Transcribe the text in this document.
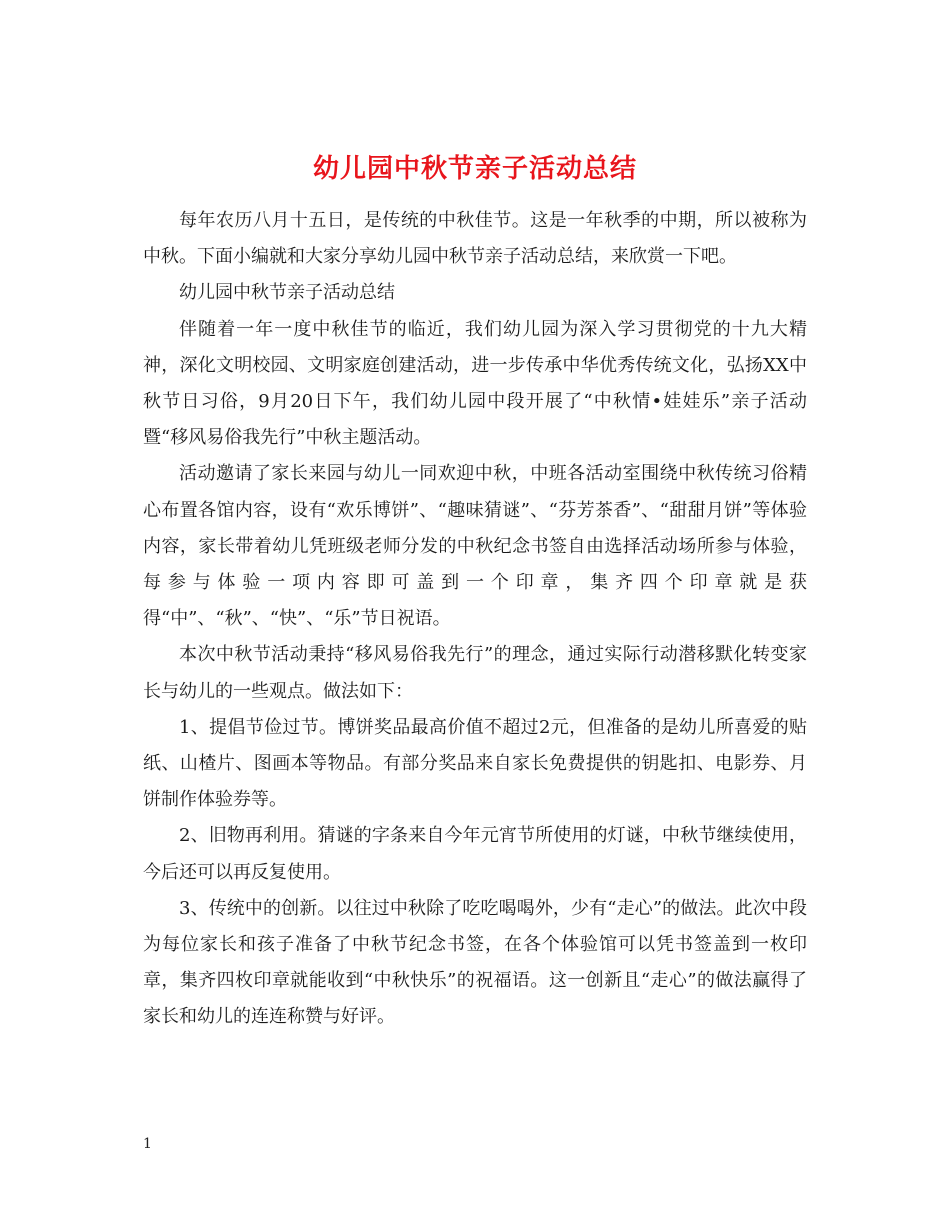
幼儿园中秋节亲子活动总结

每年农历八月十五日，是传统的中秋佳节。这是一年秋季的中期，所以被称为中秋。下面小编就和大家分享幼儿园中秋节亲子活动总结，来欣赏一下吧。

幼儿园中秋节亲子活动总结

伴随着一年一度中秋佳节的临近，我们幼儿园为深入学习贯彻党的十九大精神，深化文明校园、文明家庭创建活动，进一步传承中华优秀传统文化，弘扬XX中秋节日习俗，9月20日下午，我们幼儿园中段开展了“中秋情•娃娃乐”亲子活动暨“移风易俗我先行”中秋主题活动。

活动邀请了家长来园与幼儿一同欢迎中秋，中班各活动室围绕中秋传统习俗精心布置各馆内容，设有“欢乐博饼”、“趣味猜谜”、“芬芳茶香”、“甜甜月饼”等体验内容，家长带着幼儿凭班级老师分发的中秋纪念书签自由选择活动场所参与体验，每参与体验一项内容即可盖到一个印章，集齐四个印章就是获得“中”、“秋”、“快”、“乐”节日祝语。

本次中秋节活动秉持“移风易俗我先行”的理念，通过实际行动潜移默化转变家长与幼儿的一些观点。做法如下：

1、提倡节俭过节。博饼奖品最高价值不超过2元，但准备的是幼儿所喜爱的贴纸、山楂片、图画本等物品。有部分奖品来自家长免费提供的钥匙扣、电影券、月饼制作体验券等。

2、旧物再利用。猜谜的字条来自今年元宵节所使用的灯谜，中秋节继续使用，今后还可以再反复使用。

3、传统中的创新。以往过中秋除了吃吃喝喝外，少有“走心”的做法。此次中段为每位家长和孩子准备了中秋节纪念书签，在各个体验馆可以凭书签盖到一枚印章，集齐四枚印章就能收到“中秋快乐”的祝福语。这一创新且“走心”的做法赢得了家长和幼儿的连连称赞与好评。

1
